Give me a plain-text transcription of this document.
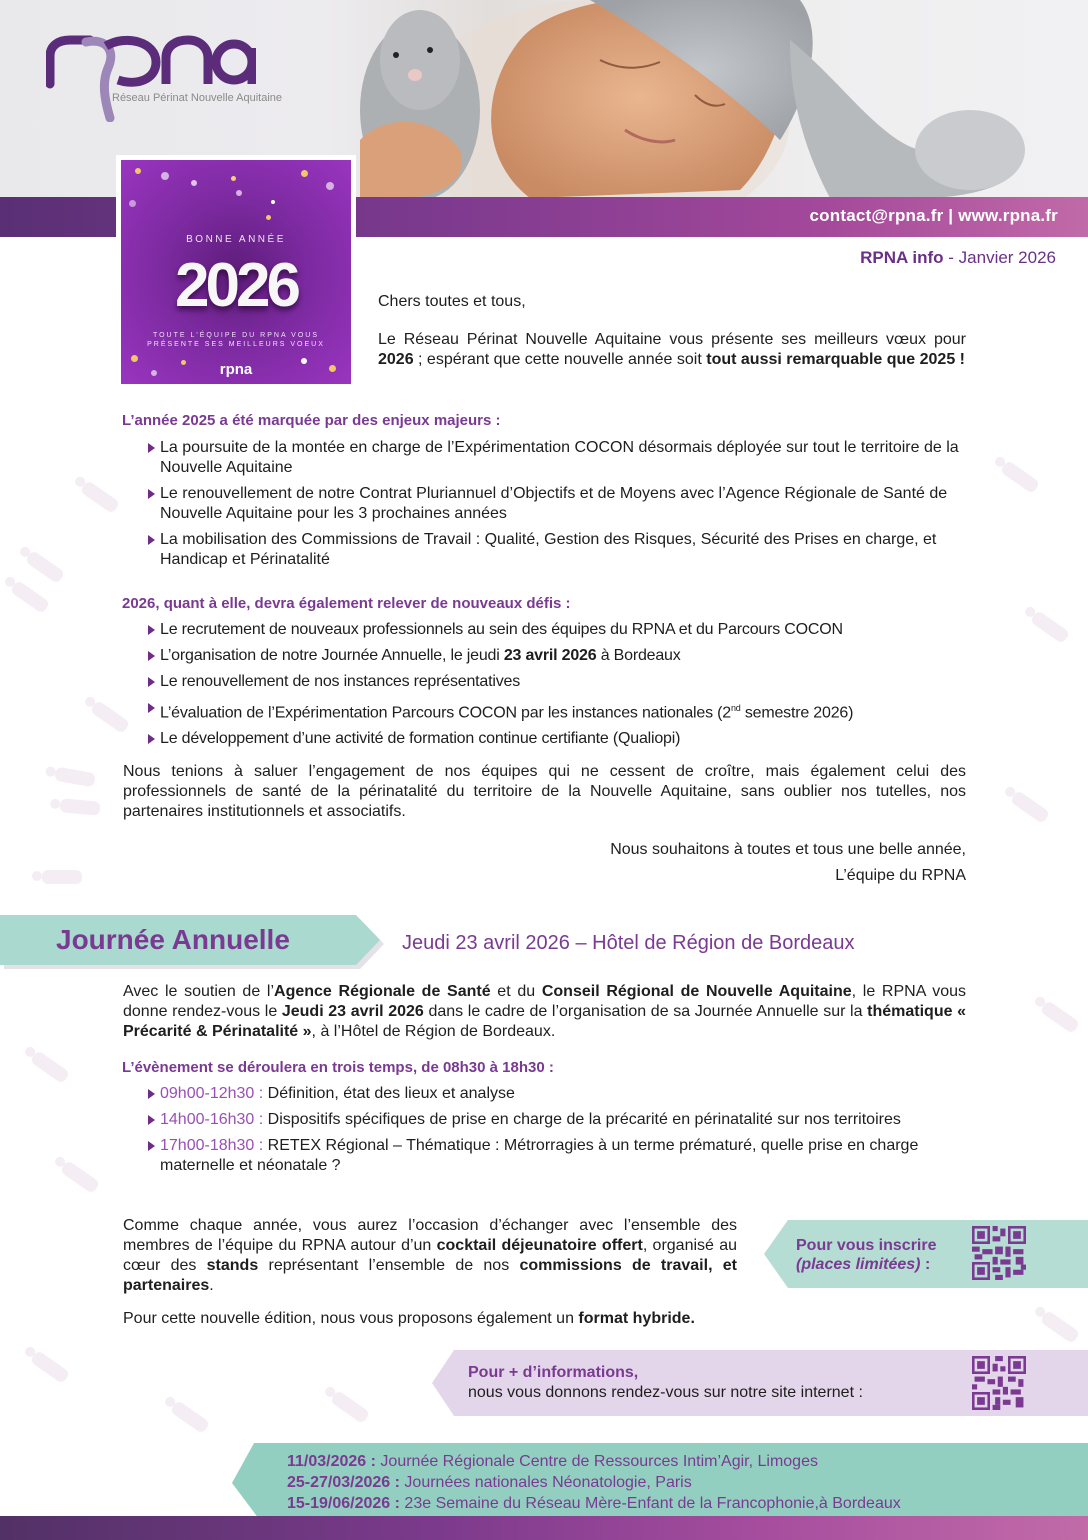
Réseau Périnat Nouvelle Aquitaine
contact@rpna.fr | www.rpna.fr
RPNA info - Janvier 2026
BONNE ANNÉE
2026
TOUTE L'ÉQUIPE DU RPNA VOUS
PRÉSENTE SES MEILLEURS VOEUX
rpna
Chers toutes et tous,
Le Réseau Périnat Nouvelle Aquitaine vous présente ses meilleurs vœux pour 2026 ; espérant que cette nouvelle année soit tout aussi remarquable que 2025 !
L’année 2025 a été marquée par des enjeux majeurs :
La poursuite de la montée en charge de l’Expérimentation COCON désormais déployée sur tout le territoire de la Nouvelle Aquitaine
Le renouvellement de notre Contrat Pluriannuel d’Objectifs et de Moyens avec l’Agence Régionale de Santé de Nouvelle Aquitaine pour les 3 prochaines années
La mobilisation des Commissions de Travail : Qualité, Gestion des Risques, Sécurité des Prises en charge, et Handicap et Périnatalité
2026, quant à elle, devra également relever de nouveaux défis :
Le recrutement de nouveaux professionnels au sein des équipes du RPNA et du Parcours COCON
L’organisation de notre Journée Annuelle, le jeudi 23 avril 2026 à Bordeaux
Le renouvellement de nos instances représentatives
L’évaluation de l’Expérimentation Parcours COCON par les instances nationales (2nd semestre 2026)
Le développement d’une activité de formation continue certifiante (Qualiopi)
Nous tenions à saluer l’engagement de nos équipes qui ne cessent de croître, mais également celui des professionnels de santé de la périnatalité du territoire de la Nouvelle Aquitaine, sans oublier nos tutelles, nos partenaires institutionnels et associatifs.
Nous souhaitons à toutes et tous une belle année,
L’équipe du RPNA
Journée Annuelle	Jeudi 23 avril 2026 – Hôtel de Région de Bordeaux
Avec le soutien de l’Agence Régionale de Santé et du Conseil Régional de Nouvelle Aquitaine, le RPNA vous donne rendez-vous le Jeudi 23 avril 2026 dans le cadre de l’organisation de sa Journée Annuelle sur la thématique « Précarité & Périnatalité », à l’Hôtel de Région de Bordeaux.
L’évènement se déroulera en trois temps, de 08h30 à 18h30 :
09h00-12h30 : Définition, état des lieux et analyse
14h00-16h30 : Dispositifs spécifiques de prise en charge de la précarité en périnatalité sur nos territoires
17h00-18h30 : RETEX Régional – Thématique : Métrorragies à un terme prématuré, quelle prise en charge maternelle et néonatale ?
Comme chaque année, vous aurez l’occasion d’échanger avec l’ensemble des membres de l’équipe du RPNA autour d’un cocktail déjeunatoire offert, organisé au cœur des stands représentant l’ensemble de nos commissions de travail, et partenaires.
Pour cette nouvelle édition, nous vous proposons également un format hybride.
Pour vous inscrire
(places limitées) :
Pour + d’informations,
nous vous donnons rendez-vous sur notre site internet :
11/03/2026 : Journée Régionale Centre de Ressources Intim’Agir, Limoges
25-27/03/2026 : Journées nationales Néonatologie, Paris
15-19/06/2026 : 23e Semaine du Réseau Mère-Enfant de la Francophonie,à Bordeaux
